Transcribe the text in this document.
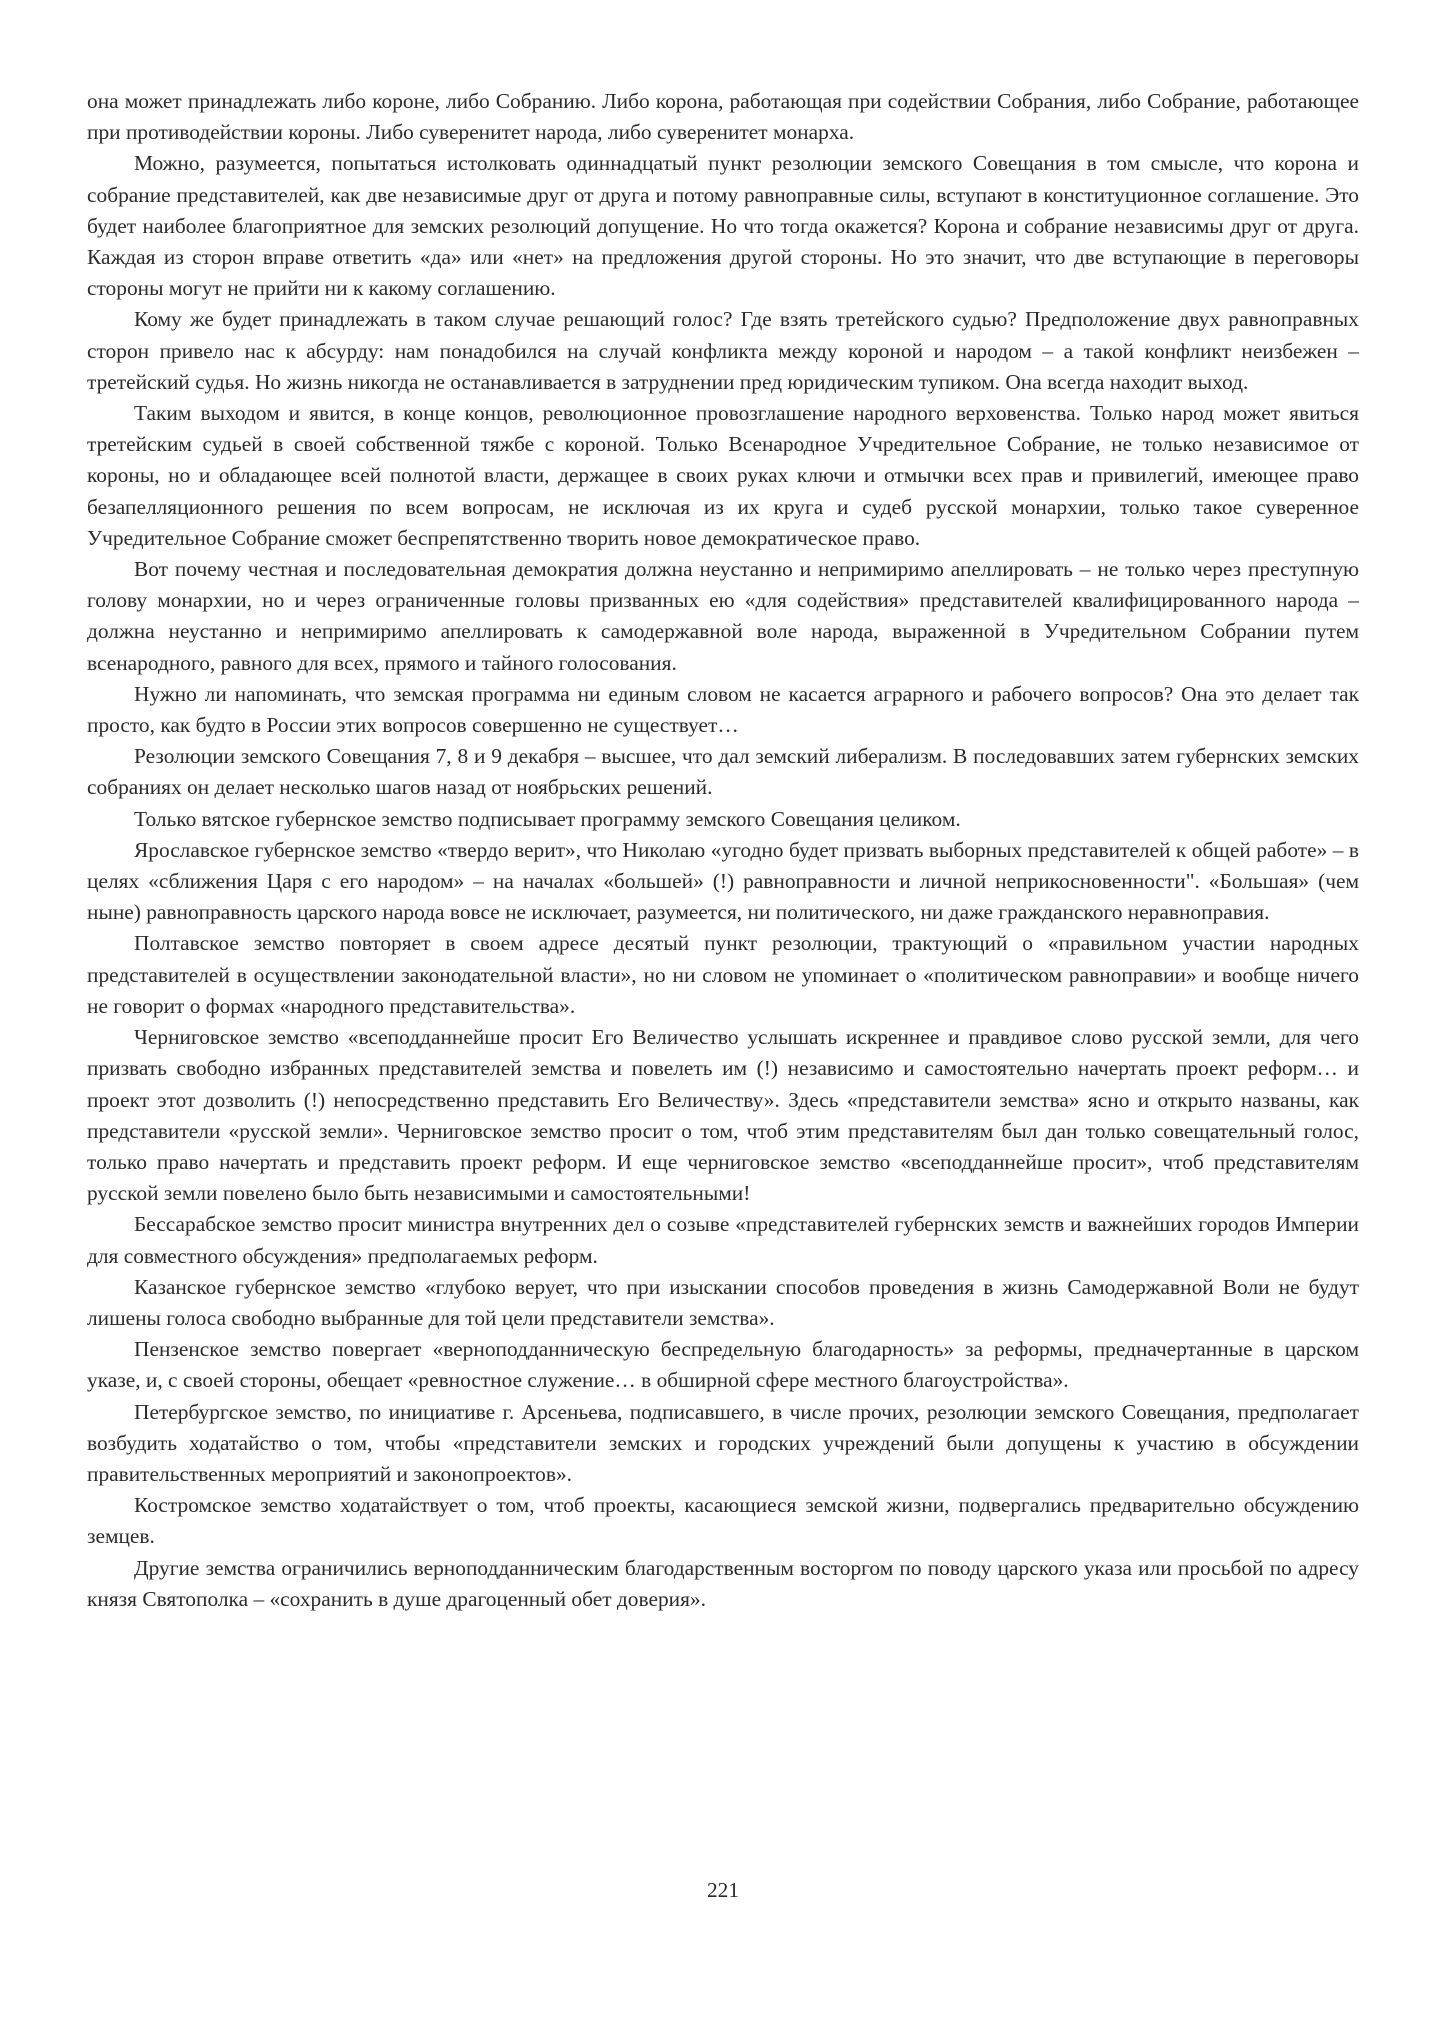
она может принадлежать либо короне, либо Собранию. Либо корона, работающая при содействии Собрания, либо Собрание, работающее при противодействии короны. Либо суверенитет народа, либо суверенитет монарха.

Можно, разумеется, попытаться истолковать одиннадцатый пункт резолюции земского Совещания в том смысле, что корона и собрание представителей, как две независимые друг от друга и потому равноправные силы, вступают в конституционное соглашение. Это будет наиболее благоприятное для земских резолюций допущение. Но что тогда окажется? Корона и собрание независимы друг от друга. Каждая из сторон вправе ответить «да» или «нет» на предложения другой стороны. Но это значит, что две вступающие в переговоры стороны могут не прийти ни к какому соглашению.

Кому же будет принадлежать в таком случае решающий голос? Где взять третейского судью? Предположение двух равноправных сторон привело нас к абсурду: нам понадобился на случай конфликта между короной и народом – а такой конфликт неизбежен – третейский судья. Но жизнь никогда не останавливается в затруднении пред юридическим тупиком. Она всегда находит выход.

Таким выходом и явится, в конце концов, революционное провозглашение народного верховенства. Только народ может явиться третейским судьей в своей собственной тяжбе с короной. Только Всенародное Учредительное Собрание, не только независимое от короны, но и обладающее всей полнотой власти, держащее в своих руках ключи и отмычки всех прав и привилегий, имеющее право безапелляционного решения по всем вопросам, не исключая из их круга и судеб русской монархии, только такое суверенное Учредительное Собрание сможет беспрепятственно творить новое демократическое право.

Вот почему честная и последовательная демократия должна неустанно и непримиримо апеллировать – не только через преступную голову монархии, но и через ограниченные головы призванных ею «для содействия» представителей квалифицированного народа – должна неустанно и непримиримо апеллировать к самодержавной воле народа, выраженной в Учредительном Собрании путем всенародного, равного для всех, прямого и тайного голосования.

Нужно ли напоминать, что земская программа ни единым словом не касается аграрного и рабочего вопросов? Она это делает так просто, как будто в России этих вопросов совершенно не существует…

Резолюции земского Совещания 7, 8 и 9 декабря – высшее, что дал земский либерализм. В последовавших затем губернских земских собраниях он делает несколько шагов назад от ноябрьских решений.

Только вятское губернское земство подписывает программу земского Совещания целиком.

Ярославское губернское земство «твердо верит», что Николаю «угодно будет призвать выборных представителей к общей работе» – в целях «сближения Царя с его народом» – на началах «большей» (!) равноправности и личной неприкосновенности". «Большая» (чем ныне) равноправность царского народа вовсе не исключает, разумеется, ни политического, ни даже гражданского неравноправия.

Полтавское земство повторяет в своем адресе десятый пункт резолюции, трактующий о «правильном участии народных представителей в осуществлении законодательной власти», но ни словом не упоминает о «политическом равноправии» и вообще ничего не говорит о формах «народного представительства».

Черниговское земство «всеподданнейше просит Его Величество услышать искреннее и правдивое слово русской земли, для чего призвать свободно избранных представителей земства и повелеть им (!) независимо и самостоятельно начертать проект реформ… и проект этот дозволить (!) непосредственно представить Его Величеству». Здесь «представители земства» ясно и открыто названы, как представители «русской земли». Черниговское земство просит о том, чтоб этим представителям был дан только совещательный голос, только право начертать и представить проект реформ. И еще черниговское земство «всеподданнейше просит», чтоб представителям русской земли повелено было быть независимыми и самостоятельными!

Бессарабское земство просит министра внутренних дел о созыве «представителей губернских земств и важнейших городов Империи для совместного обсуждения» предполагаемых реформ.

Казанское губернское земство «глубоко верует, что при изыскании способов проведения в жизнь Самодержавной Воли не будут лишены голоса свободно выбранные для той цели представители земства».

Пензенское земство повергает «верноподданническую беспредельную благодарность» за реформы, предначертанные в царском указе, и, с своей стороны, обещает «ревностное служение… в обширной сфере местного благоустройства».

Петербургское земство, по инициативе г. Арсеньева, подписавшего, в числе прочих, резолюции земского Совещания, предполагает возбудить ходатайство о том, чтобы «представители земских и городских учреждений были допущены к участию в обсуждении правительственных мероприятий и законопроектов».

Костромское земство ходатайствует о том, чтоб проекты, касающиеся земской жизни, подвергались предварительно обсуждению земцев.

Другие земства ограничились верноподданническим благодарственным восторгом по поводу царского указа или просьбой по адресу князя Святополка – «сохранить в душе драгоценный обет доверия».

221
